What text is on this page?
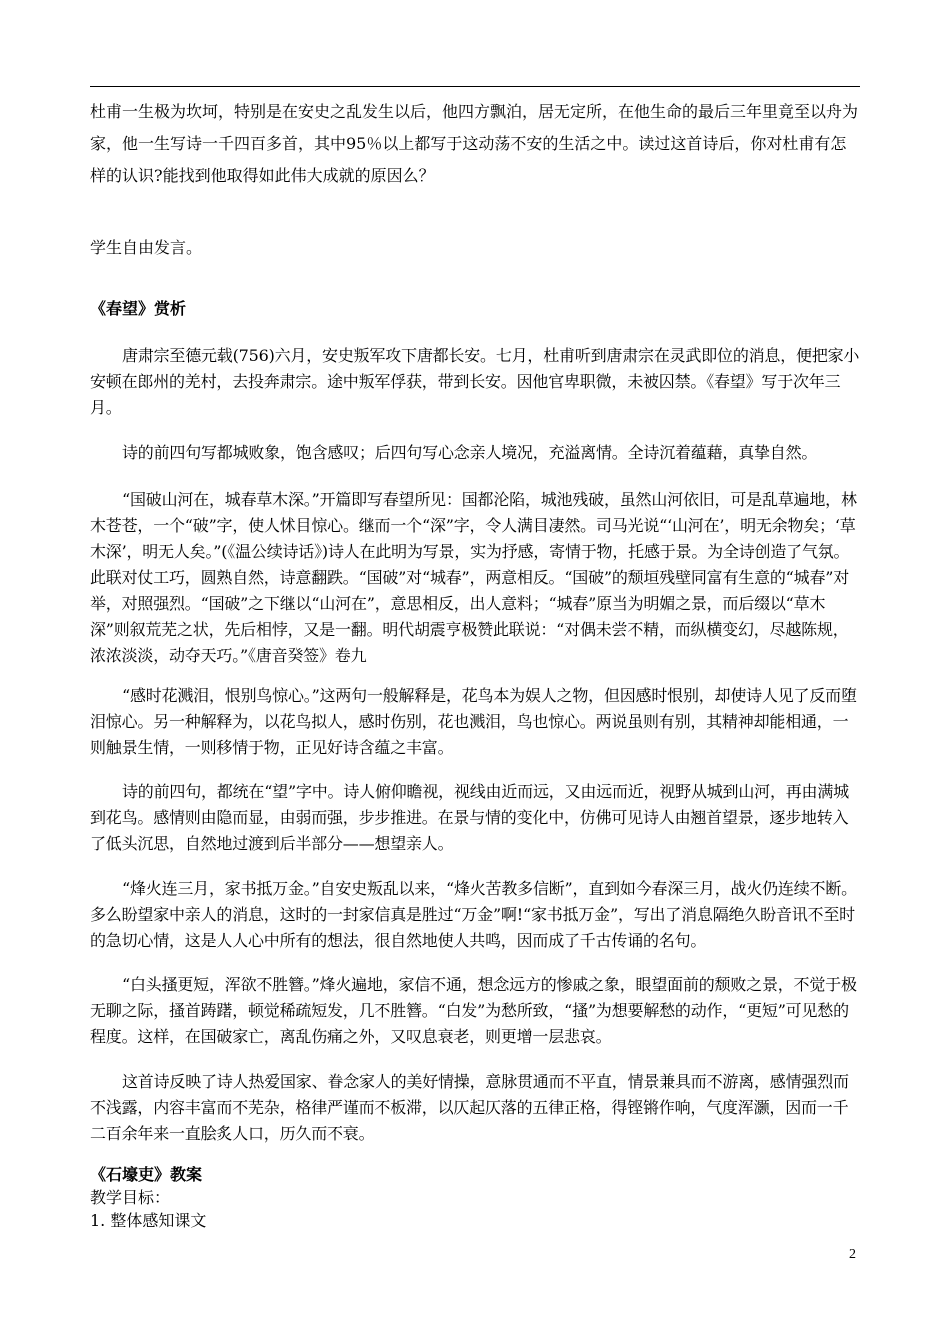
杜甫一生极为坎坷，特别是在安史之乱发生以后，他四方飘泊，居无定所，在他生命的最后三年里竟至以舟为家，他一生写诗一千四百多首，其中95％以上都写于这动荡不安的生活之中。读过这首诗后，你对杜甫有怎样的认识?能找到他取得如此伟大成就的原因么？

学生自由发言。

《春望》赏析

唐肃宗至德元载(756)六月，安史叛军攻下唐都长安。七月，杜甫听到唐肃宗在灵武即位的消息，便把家小安顿在郎州的羌村，去投奔肃宗。途中叛军俘获，带到长安。因他官卑职微，未被囚禁。《春望》写于次年三月。

诗的前四句写都城败象，饱含感叹；后四句写心念亲人境况，充溢离情。全诗沉着蕴藉，真挚自然。

“国破山河在，城春草木深。”开篇即写春望所见：国都沦陷，城池残破，虽然山河依旧，可是乱草遍地，林木苍苍，一个“破”字，使人怵目惊心。继而一个“深”字，令人满目凄然。司马光说“‘山河在’，明无余物矣；‘草木深’，明无人矣。”(《温公续诗话》)诗人在此明为写景，实为抒感，寄情于物，托感于景。为全诗创造了气氛。此联对仗工巧，圆熟自然，诗意翻跌。“国破”对“城春”，两意相反。“国破”的颓垣残壁同富有生意的“城春”对举，对照强烈。“国破”之下继以“山河在”，意思相反，出人意料；“城春”原当为明媚之景，而后缀以“草木深”则叙荒芜之状，先后相悖，又是一翻。明代胡震亨极赞此联说：“对偶未尝不精，而纵横变幻，尽越陈规，浓浓淡淡，动夺天巧。”《唐音癸签》卷九

“感时花溅泪，恨别鸟惊心。”这两句一般解释是，花鸟本为娱人之物，但因感时恨别，却使诗人见了反而堕泪惊心。另一种解释为，以花鸟拟人，感时伤别，花也溅泪，鸟也惊心。两说虽则有别，其精神却能相通，一则触景生情，一则移情于物，正见好诗含蕴之丰富。

诗的前四句，都统在“望”字中。诗人俯仰瞻视，视线由近而远，又由远而近，视野从城到山河，再由满城到花鸟。感情则由隐而显，由弱而强，步步推进。在景与情的变化中，仿佛可见诗人由翘首望景，逐步地转入了低头沉思，自然地过渡到后半部分——想望亲人。

“烽火连三月，家书抵万金。”自安史叛乱以来，“烽火苦教多信断”，直到如今春深三月，战火仍连续不断。多么盼望家中亲人的消息，这时的一封家信真是胜过“万金”啊!“家书抵万金”，写出了消息隔绝久盼音讯不至时的急切心情，这是人人心中所有的想法，很自然地使人共鸣，因而成了千古传诵的名句。

“白头搔更短，浑欲不胜簪。”烽火遍地，家信不通，想念远方的惨戚之象，眼望面前的颓败之景，不觉于极无聊之际，搔首踌躇，顿觉稀疏短发，几不胜簪。“白发”为愁所致，“搔”为想要解愁的动作，“更短”可见愁的程度。这样，在国破家亡，离乱伤痛之外，又叹息衰老，则更增一层悲哀。

这首诗反映了诗人热爱国家、眷念家人的美好情操，意脉贯通而不平直，情景兼具而不游离，感情强烈而不浅露，内容丰富而不芜杂，格律严谨而不板滞，以仄起仄落的五律正格，得铿锵作响，气度浑灏，因而一千二百余年来一直脍炙人口，历久而不衰。

《石壕吏》教案
教学目标：
1. 整体感知课文
2
